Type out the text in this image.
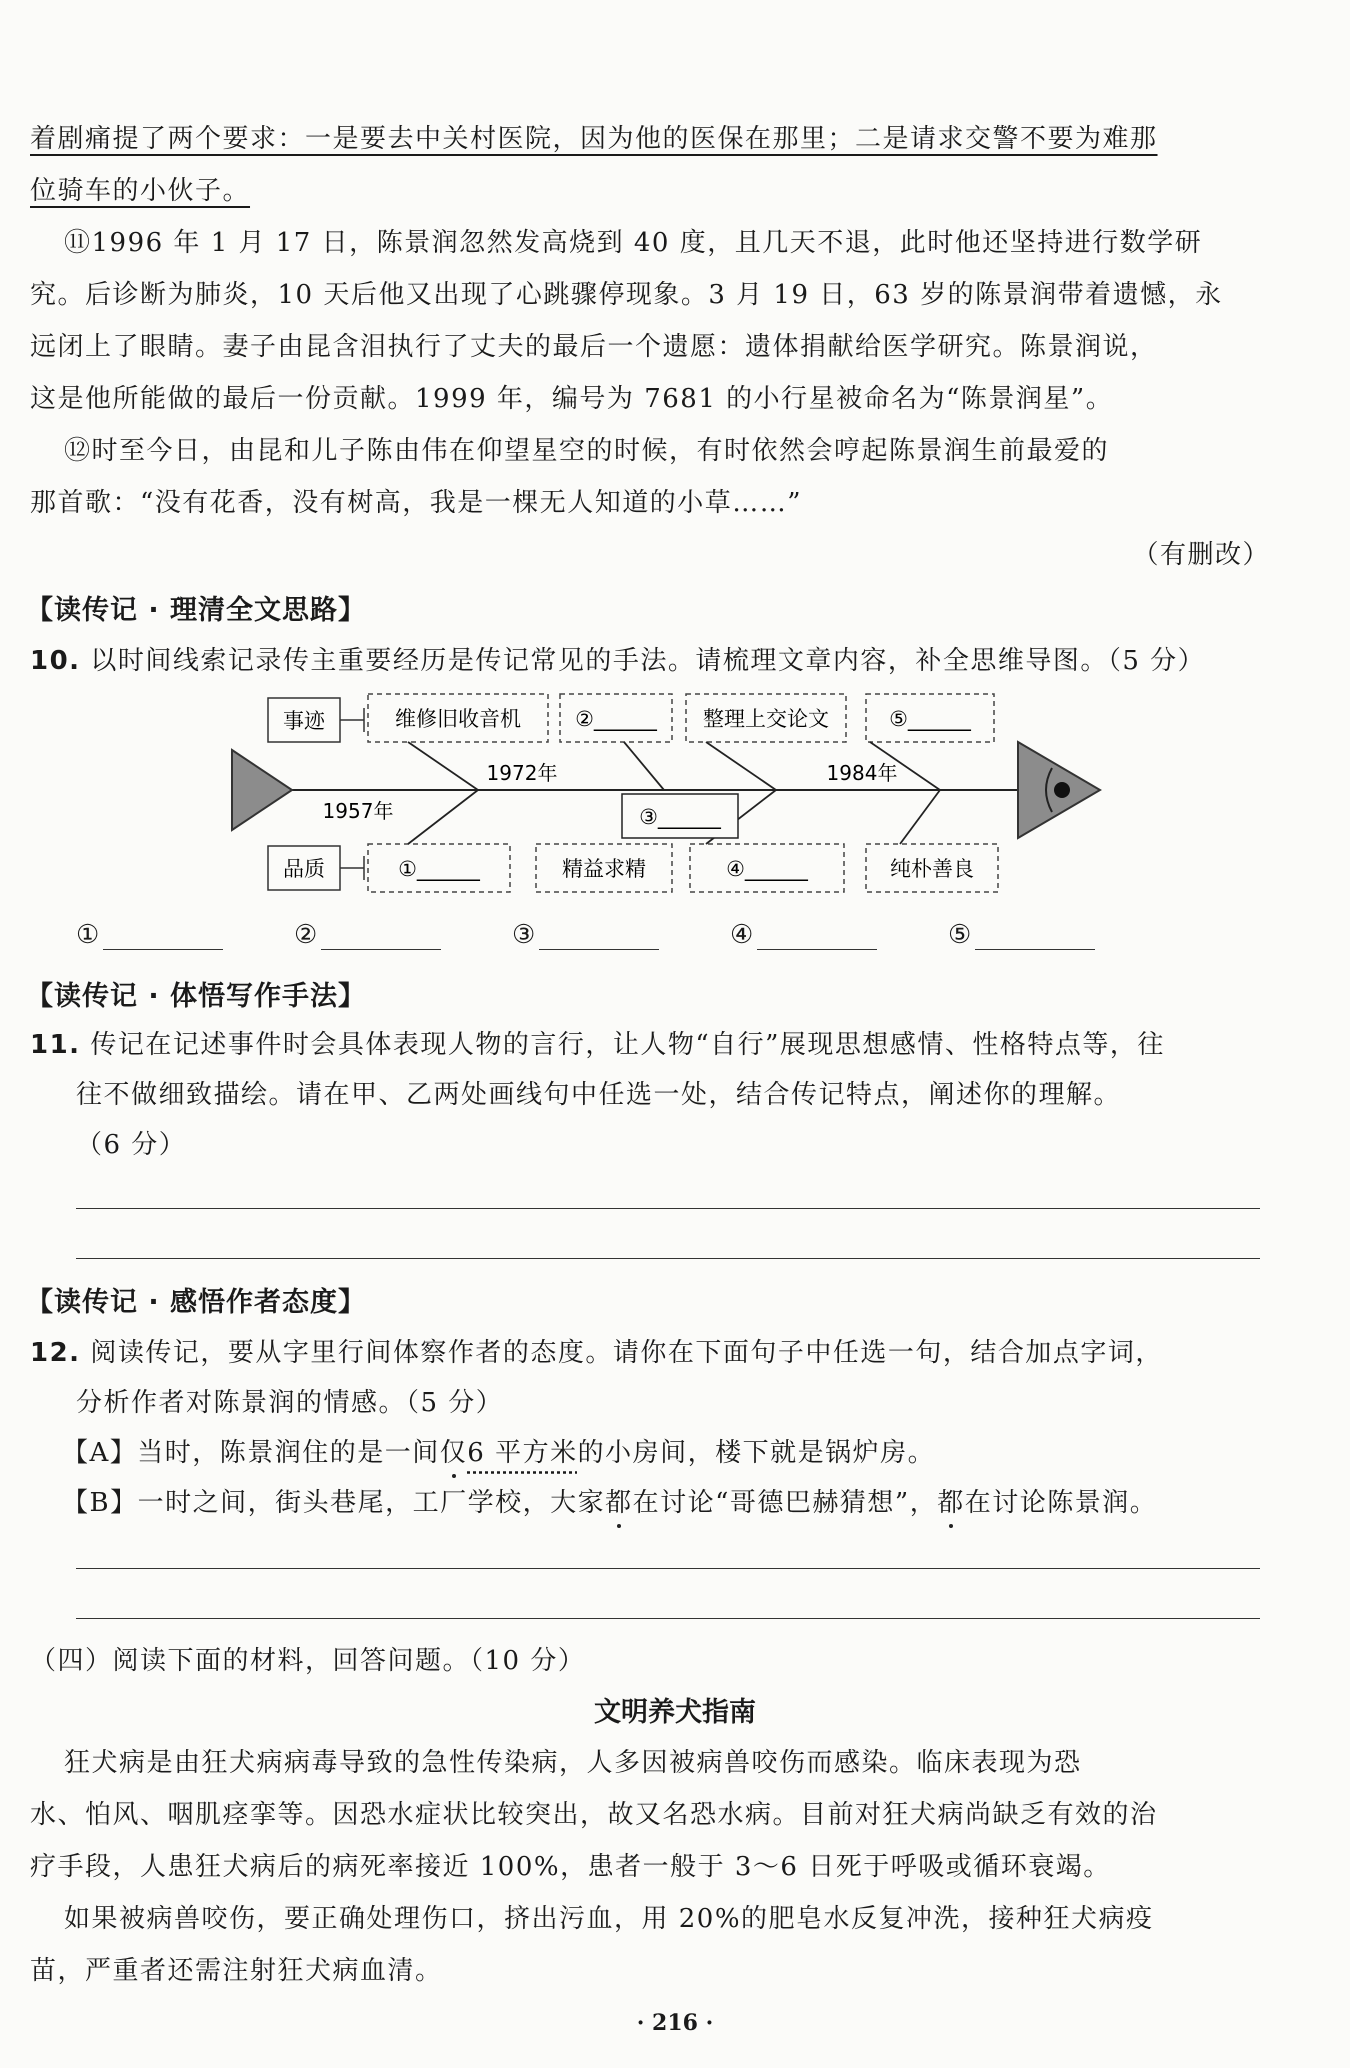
着剧痛提了两个要求：一是要去中关村医院，因为他的医保在那里；二是请求交警不要为难那
位骑车的小伙子。
⑪1996 年 1 月 17 日，陈景润忽然发高烧到 40 度，且几天不退，此时他还坚持进行数学研
究。后诊断为肺炎，10 天后他又出现了心跳骤停现象。3 月 19 日，63 岁的陈景润带着遗憾，永
远闭上了眼睛。妻子由昆含泪执行了丈夫的最后一个遗愿：遗体捐献给医学研究。陈景润说，
这是他所能做的最后一份贡献。1999 年，编号为 7681 的小行星被命名为“陈景润星”。
⑫时至今日，由昆和儿子陈由伟在仰望星空的时候，有时依然会哼起陈景润生前最爱的
那首歌：“没有花香，没有树高，我是一棵无人知道的小草……”
（有删改）
【读传记 · 理清全文思路】
10. 以时间线索记录传主重要经历是传记常见的手法。请梳理文章内容，补全思维导图。（5 分）
事迹
品质
维修旧收音机	②______ 整理上交论文	⑤______
①______	精益求精	④______	纯朴善良
③______
1957年
1972年	1984年
①	②	③	④	⑤
【读传记 · 体悟写作手法】
11. 传记在记述事件时会具体表现人物的言行，让人物“自行”展现思想感情、性格特点等，往
往不做细致描绘。请在甲、乙两处画线句中任选一处，结合传记特点，阐述你的理解。
（6 分）
【读传记 · 感悟作者态度】
12. 阅读传记，要从字里行间体察作者的态度。请你在下面句子中任选一句，结合加点字词，
分析作者对陈景润的情感。（5 分）
【A】当时，陈景润住的是一间仅6 平方米的小房间，楼下就是锅炉房。
【B】一时之间，街头巷尾，工厂学校，大家都在讨论“哥德巴赫猜想”，都在讨论陈景润。
（四）阅读下面的材料，回答问题。（10 分）
文明养犬指南
狂犬病是由狂犬病病毒导致的急性传染病，人多因被病兽咬伤而感染。临床表现为恐
水、怕风、咽肌痉挛等。因恐水症状比较突出，故又名恐水病。目前对狂犬病尚缺乏有效的治
疗手段，人患狂犬病后的病死率接近 100%，患者一般于 3～6 日死于呼吸或循环衰竭。
如果被病兽咬伤，要正确处理伤口，挤出污血，用 20%的肥皂水反复冲洗，接种狂犬病疫
苗，严重者还需注射狂犬病血清。
· 216 ·
